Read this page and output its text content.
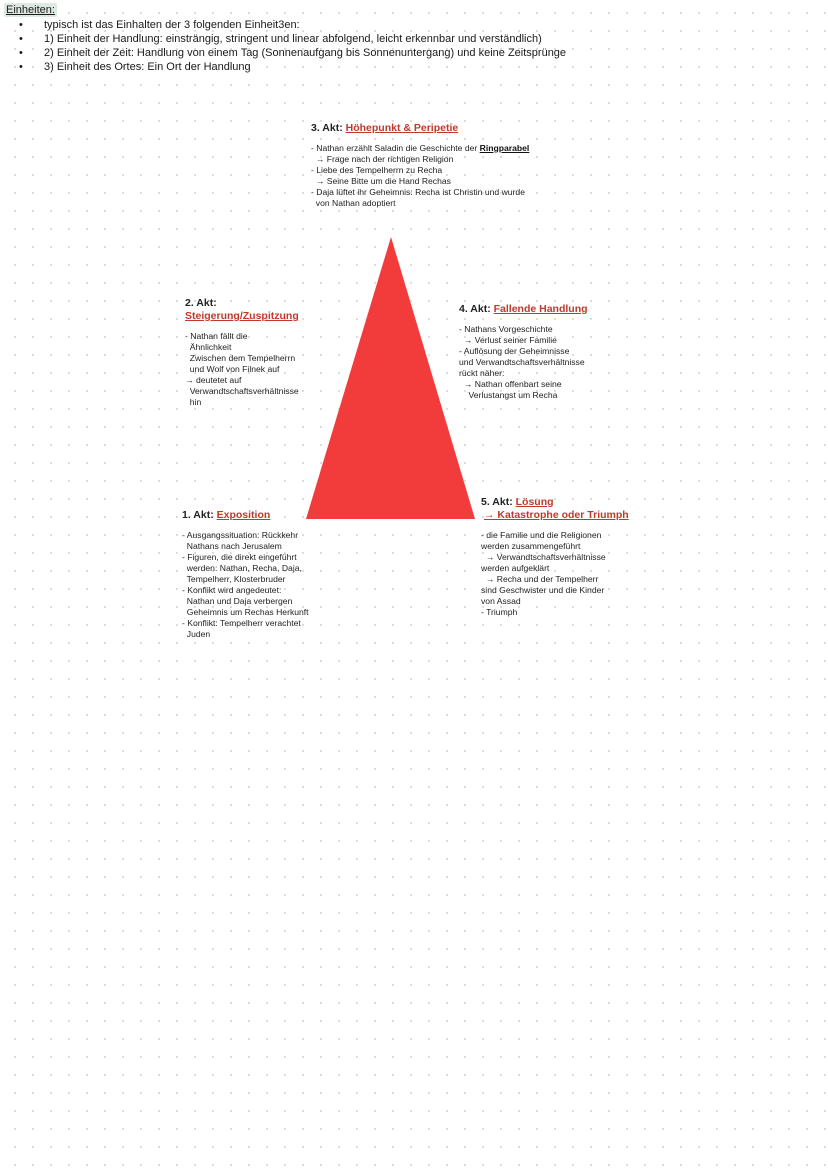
Einheiten:
• typisch ist das Einhalten der 3 folgenden Einheit3en:
• 1) Einheit der Handlung: einsträngig, stringent und linear abfolgend, leicht erkennbar und verständlich)
• 2) Einheit der Zeit: Handlung von einem Tag (Sonnenaufgang bis Sonnenuntergang) und keine Zeitsprünge
• 3) Einheit des Ortes: Ein Ort der Handlung
3. Akt: Höhepunkt & Peripetie
- Nathan erzählt Saladin die Geschichte der Ringparabel
→ Frage nach der richtigen Religion
- Liebe des Tempelherrn zu Recha
→ Seine Bitte um die Hand Rechas
- Daja lüftet ihr Geheimnis: Recha ist Christin und wurde
von Nathan adoptiert
2. Akt:
Steigerung/Zuspitzung
- Nathan fällt die
Ähnlichkeit
Zwischen dem Tempelherrn
und Wolf von Filnek auf
→ deutetet auf
Verwandtschaftsverhältnisse
hin
4. Akt: Fallende Handlung
- Nathans Vorgeschichte
→ Verlust seiner Familie
- Auflösung der Geheimnisse
und Verwandtschaftsverhältnisse
rückt näher:
→ Nathan offenbart seine
Verlustangst um Recha
1. Akt: Exposition
- Ausgangssituation: Rückkehr
Nathans nach Jerusalem
- Figuren, die direkt eingeführt
werden: Nathan, Recha, Daja,
Tempelherr, Klosterbruder
- Konflikt wird angedeutet:
Nathan und Daja verbergen
Geheimnis um Rechas Herkunft
- Konflikt: Tempelherr verachtet
Juden
5. Akt: Lösung
→ Katastrophe oder Triumph
- die Familie und die Religionen
werden zusammengeführt
→ Verwandtschaftsverhältnisse
werden aufgeklärt
→ Recha und der Tempelherr
sind Geschwister und die Kinder
von Assad
- Triumph
